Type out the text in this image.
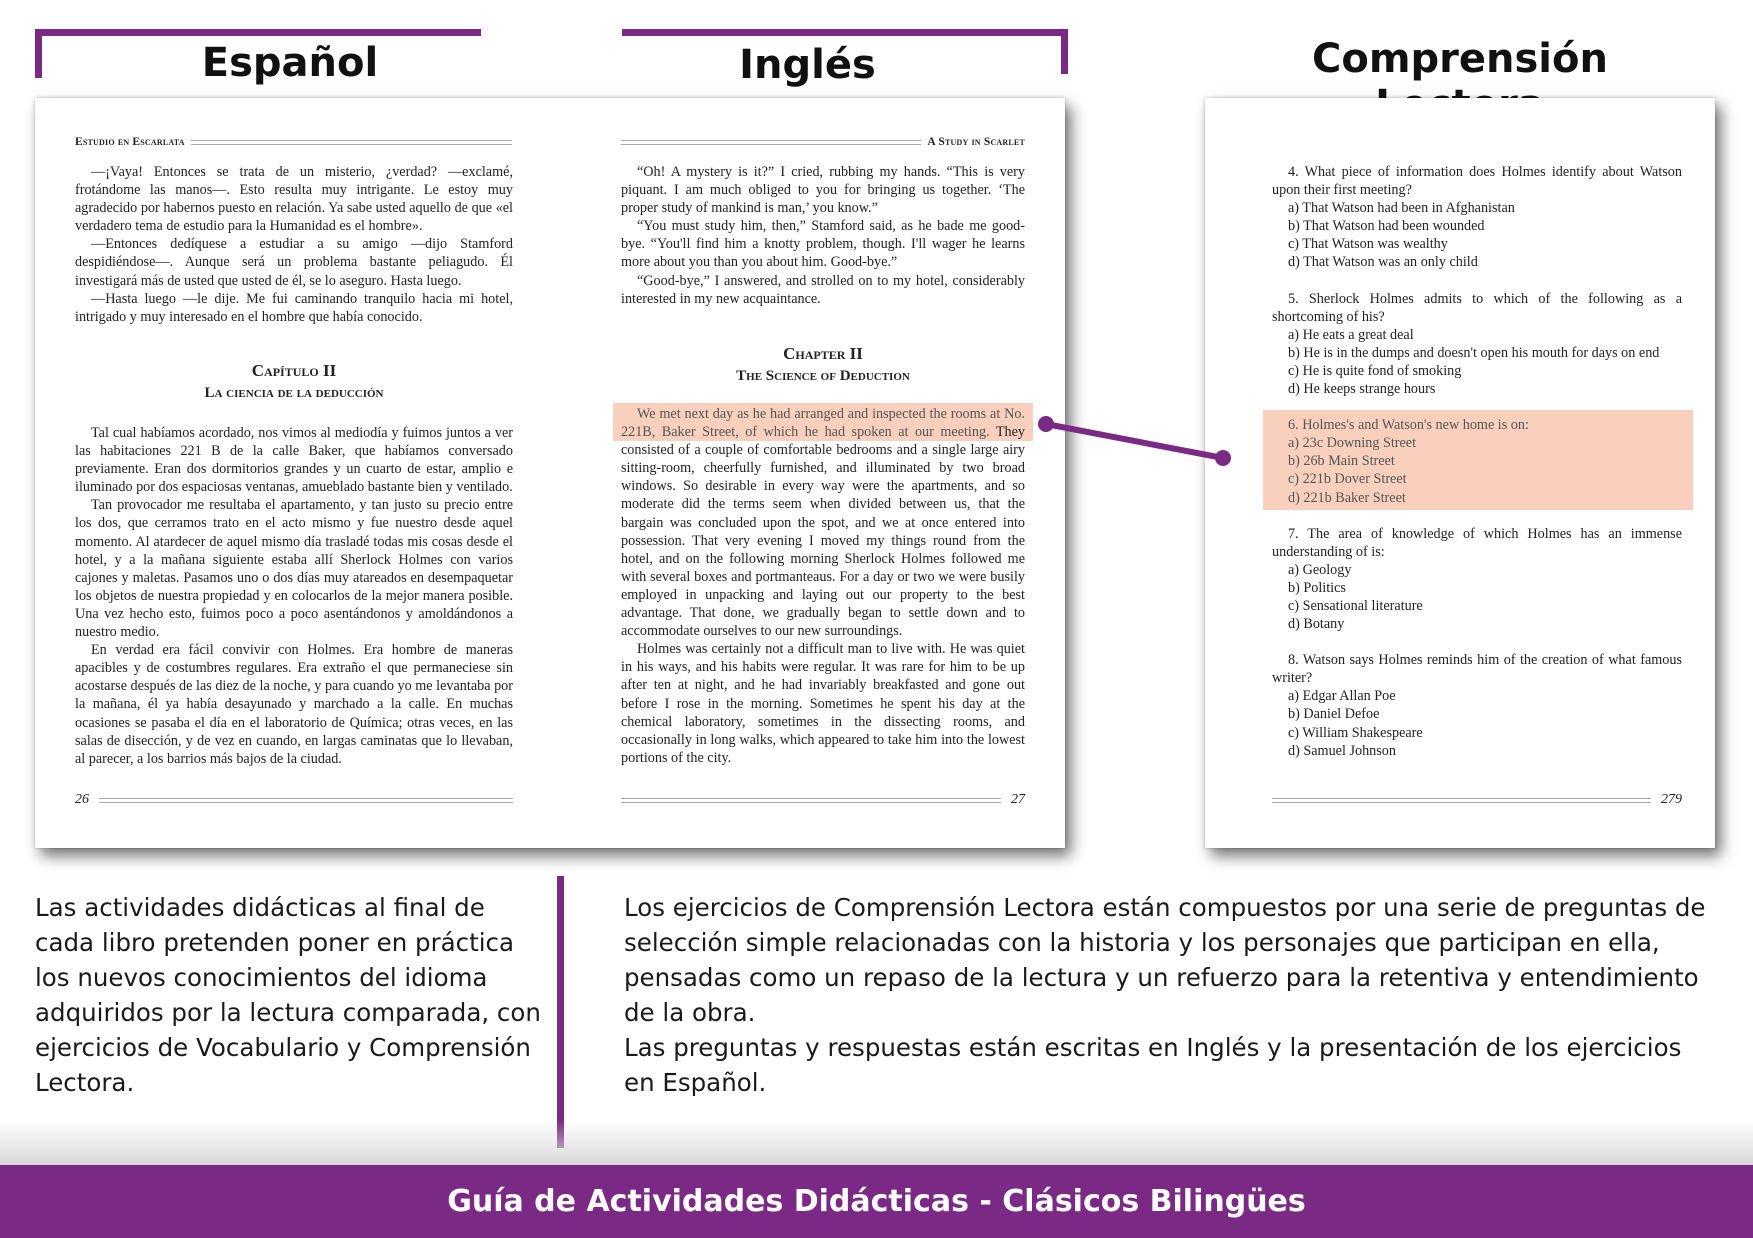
Español	Inglés	Comprensión
Estudio en Escarlata

—¡Vaya! Entonces se trata de un misterio, ¿verdad? —exclamé, frotándome las manos—. Esto resulta muy intrigante. Le estoy muy agradecido por habernos puesto en relación. Ya sabe usted aquello de que «el verdadero tema de estudio para la Humanidad es el hombre».

—Entonces dedíquese a estudiar a su amigo —dijo Stamford despidiéndose—. Aunque será un problema bastante peliagudo. Él investigará más de usted que usted de él, se lo aseguro. Hasta luego.

—Hasta luego —le dije. Me fui caminando tranquilo hacia mi hotel, intrigado y muy interesado en el hombre que había conocido.

Capítulo II
La ciencia de la deducción

Tal cual habíamos acordado, nos vimos al mediodía y fuimos juntos a ver las habitaciones 221 B de la calle Baker, que habíamos conversado previamente. Eran dos dormitorios grandes y un cuarto de estar, amplio e iluminado por dos espaciosas ventanas, amueblado bastante bien y ventilado.

Tan provocador me resultaba el apartamento, y tan justo su precio entre los dos, que cerramos trato en el acto mismo y fue nuestro desde aquel momento. Al atardecer de aquel mismo día trasladé todas mis cosas desde el hotel, y a la mañana siguiente estaba allí Sherlock Holmes con varios cajones y maletas. Pasamos uno o dos días muy atareados en desempaquetar los objetos de nuestra propiedad y en colocarlos de la mejor manera posible. Una vez hecho esto, fuimos poco a poco asentándonos y amoldándonos a nuestro medio.

En verdad era fácil convivir con Holmes. Era hombre de maneras apacibles y de costumbres regulares. Era extraño el que permaneciese sin acostarse después de las diez de la noche, y para cuando yo me levantaba por la mañana, él ya había desayunado y marchado a la calle. En muchas ocasiones se pasaba el día en el laboratorio de Química; otras veces, en las salas de disección, y de vez en cuando, en largas caminatas que lo llevaban, al parecer, a los barrios más bajos de la ciudad.

26
A Study in Scarlet

“Oh! A mystery is it?” I cried, rubbing my hands. “This is very piquant. I am much obliged to you for bringing us together. ‘The proper study of mankind is man,’ you know.”

“You must study him, then,” Stamford said, as he bade me good-bye. “You'll find him a knotty problem, though. I'll wager he learns more about you than you about him. Good-bye.”

“Good-bye,” I answered, and strolled on to my hotel, considerably interested in my new acquaintance.

Chapter II
The Science of Deduction

We met next day as he had arranged and inspected the rooms at No. 221B, Baker Street, of which he had spoken at our meeting. They consisted of a couple of comfortable bedrooms and a single large airy sitting-room, cheerfully furnished, and illuminated by two broad windows. So desirable in every way were the apartments, and so moderate did the terms seem when divided between us, that the bargain was concluded upon the spot, and we at once entered into possession. That very evening I moved my things round from the hotel, and on the following morning Sherlock Holmes followed me with several boxes and portmanteaus. For a day or two we were busily employed in unpacking and laying out our property to the best advantage. That done, we gradually began to settle down and to accommodate ourselves to our new surroundings.

Holmes was certainly not a difficult man to live with. He was quiet in his ways, and his habits were regular. It was rare for him to be up after ten at night, and he had invariably breakfasted and gone out before I rose in the morning. Sometimes he spent his day at the chemical laboratory, sometimes in the dissecting rooms, and occasionally in long walks, which appeared to take him into the lowest portions of the city.

27
4. What piece of information does Holmes identify about Watson upon their first meeting?
a) That Watson had been in Afghanistan
b) That Watson had been wounded
c) That Watson was wealthy
d) That Watson was an only child
5. Sherlock Holmes admits to which of the following as a shortcoming of his?
a) He eats a great deal
b) He is in the dumps and doesn't open his mouth for days on end
c) He is quite fond of smoking
d) He keeps strange hours
6. Holmes's and Watson's new home is on:
a) 23c Downing Street
b) 26b Main Street
c) 221b Dover Street
d) 221b Baker Street
7. The area of knowledge of which Holmes has an immense understanding of is:
a) Geology
b) Politics
c) Sensational literature
d) Botany
8. Watson says Holmes reminds him of the creation of what famous writer?
a) Edgar Allan Poe
b) Daniel Defoe
c) William Shakespeare
d) Samuel Johnson
279
Las actividades didácticas al final de cada libro pretenden poner en práctica los nuevos conocimientos del idioma adquiridos por la lectura comparada, con ejercicios de Vocabulario y Comprensión Lectora.
Los ejercicios de Comprensión Lectora están compuestos por una serie de preguntas de selección simple relacionadas con la historia y los personajes que participan en ella, pensadas como un repaso de la lectura y un refuerzo para la retentiva y entendimiento de la obra.
Las preguntas y respuestas están escritas en Inglés y la presentación de los ejercicios en Español.
Guía de Actividades Didácticas - Clásicos Bilingües
